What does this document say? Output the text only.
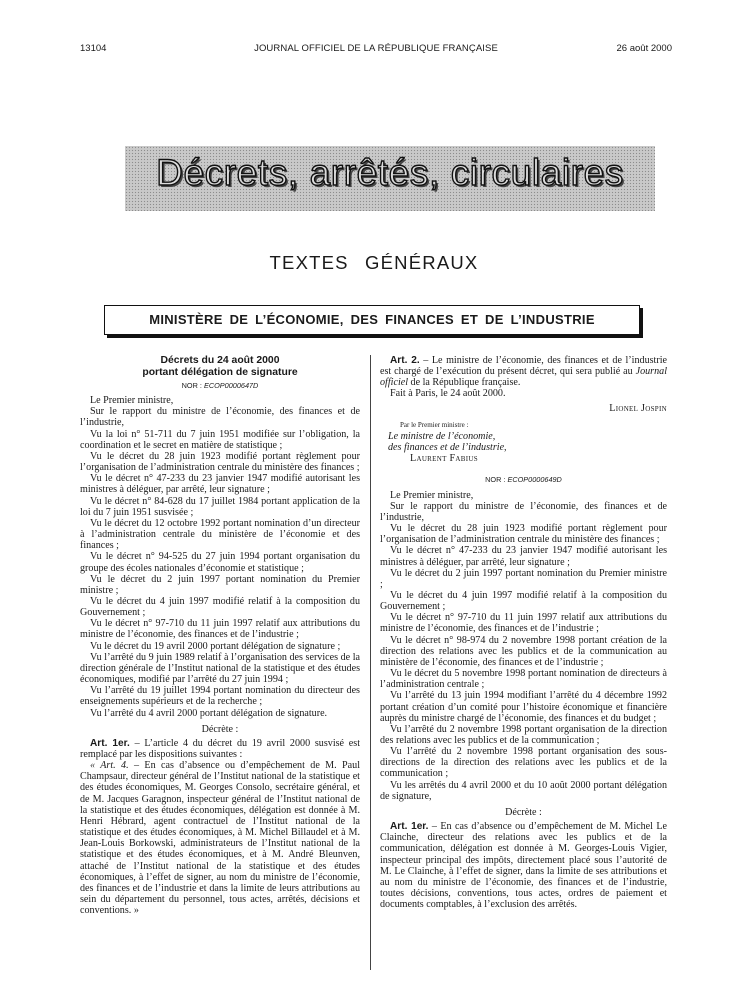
13104	JOURNAL OFFICIEL DE LA RÉPUBLIQUE FRANÇAISE	26 août 2000
Décrets, arrêtés, circulaires
TEXTES GÉNÉRAUX
MINISTÈRE DE L’ÉCONOMIE, DES FINANCES ET DE L’INDUSTRIE

Décrets du 24 août 2000

portant délégation de signature

NOR : ECOP0000647D

Le Premier ministre,

Sur le rapport du ministre de l’économie, des finances et de l’industrie,

Vu la loi n° 51-711 du 7 juin 1951 modifiée sur l’obligation, la coordination et le secret en matière de statistique ;

Vu le décret du 28 juin 1923 modifié portant règlement pour l’organisation de l’administration centrale du ministère des finances ;

Vu le décret n° 47-233 du 23 janvier 1947 modifié autorisant les ministres à déléguer, par arrêté, leur signature ;

Vu le décret n° 84-628 du 17 juillet 1984 portant application de la loi du 7 juin 1951 susvisée ;

Vu le décret du 12 octobre 1992 portant nomination d’un directeur à l’administration centrale du ministère de l’économie et des finances ;

Vu le décret n° 94-525 du 27 juin 1994 portant organisation du groupe des écoles nationales d’économie et statistique ;

Vu le décret du 2 juin 1997 portant nomination du Premier ministre ;

Vu le décret du 4 juin 1997 modifié relatif à la composition du Gouvernement ;

Vu le décret n° 97-710 du 11 juin 1997 relatif aux attributions du ministre de l’économie, des finances et de l’industrie ;

Vu le décret du 19 avril 2000 portant délégation de signature ;

Vu l’arrêté du 9 juin 1989 relatif à l’organisation des services de la direction générale de l’Institut national de la statistique et des études économiques, modifié par l’arrêté du 27 juin 1994 ;

Vu l’arrêté du 19 juillet 1994 portant nomination du directeur des enseignements supérieurs et de la recherche ;

Vu l’arrêté du 4 avril 2000 portant délégation de signature.

Décrète :

Art. 1er. – L’article 4 du décret du 19 avril 2000 susvisé est remplacé par les dispositions suivantes :

« Art. 4. – En cas d’absence ou d’empêchement de M. Paul Champsaur, directeur général de l’Institut national de la statistique et des études économiques, M. Georges Consolo, secrétaire général, et de M. Jacques Garagnon, inspecteur général de l’Institut national de la statistique et des études économiques, délégation est donnée à M. Henri Hébrard, agent contractuel de l’Institut national de la statistique et des études économiques, à M. Michel Billaudel et à M. Jean-Louis Borkowski, administrateurs de l’Institut national de la statistique et des études économiques, et à M. André Bleunven, attaché de l’Institut national de la statistique et des études économiques, à l’effet de signer, au nom du ministre de l’économie, des finances et de l’industrie et dans la limite de leurs attributions au sein du département du personnel, tous actes, arrêtés, décisions et conventions. »

Art. 2. – Le ministre de l’économie, des finances et de l’industrie est chargé de l’exécution du présent décret, qui sera publié au Journal officiel de la République française.

Fait à Paris, le 24 août 2000.

Lionel Jospin

Par le Premier ministre :

Le ministre de l’économie,

des finances et de l’industrie,

Laurent Fabius

NOR : ECOP0000649D

Le Premier ministre,

Sur le rapport du ministre de l’économie, des finances et de l’industrie,

Vu le décret du 28 juin 1923 modifié portant règlement pour l’organisation de l’administration centrale du ministère des finances ;

Vu le décret n° 47-233 du 23 janvier 1947 modifié autorisant les ministres à déléguer, par arrêté, leur signature ;

Vu le décret du 2 juin 1997 portant nomination du Premier ministre ;

Vu le décret du 4 juin 1997 modifié relatif à la composition du Gouvernement ;

Vu le décret n° 97-710 du 11 juin 1997 relatif aux attributions du ministre de l’économie, des finances et de l’industrie ;

Vu le décret n° 98-974 du 2 novembre 1998 portant création de la direction des relations avec les publics et de la communication au ministère de l’économie, des finances et de l’industrie ;

Vu le décret du 5 novembre 1998 portant nomination de directeurs à l’administration centrale ;

Vu l’arrêté du 13 juin 1994 modifiant l’arrêté du 4 décembre 1992 portant création d’un comité pour l’histoire économique et financière auprès du ministre chargé de l’économie, des finances et du budget ;

Vu l’arrêté du 2 novembre 1998 portant organisation de la direction des relations avec les publics et de la communication ;

Vu l’arrêté du 2 novembre 1998 portant organisation des sous-directions de la direction des relations avec les publics et de la communication ;

Vu les arrêtés du 4 avril 2000 et du 10 août 2000 portant délégation de signature,

Décrète :

Art. 1er. – En cas d’absence ou d’empêchement de M. Michel Le Clainche, directeur des relations avec les publics et de la communication, délégation est donnée à M. Georges-Louis Vigier, inspecteur principal des impôts, directement placé sous l’autorité de M. Le Clainche, à l’effet de signer, dans la limite de ses attributions et au nom du ministre de l’économie, des finances et de l’industrie, toutes décisions, conventions, tous actes, ordres de paiement et documents comptables, à l’exclusion des arrêtés.
